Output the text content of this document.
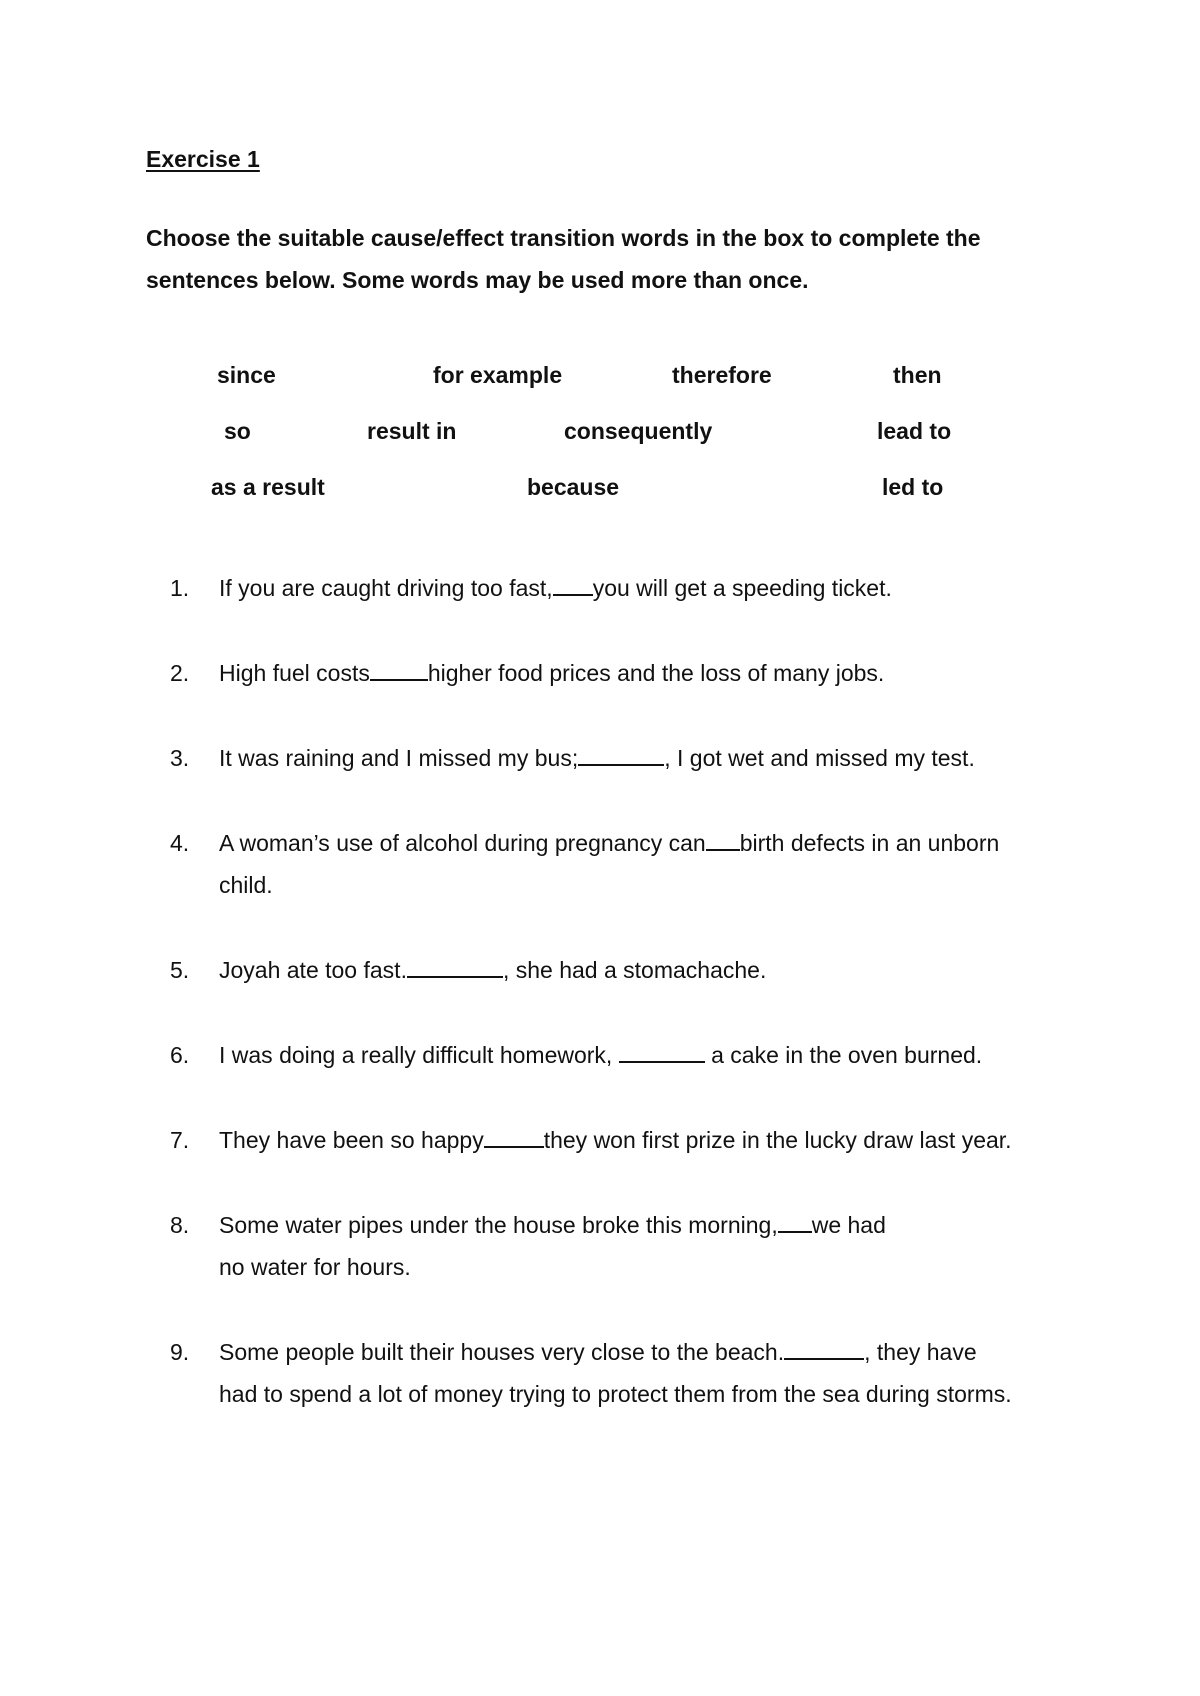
Exercise 1

Choose the suitable cause/effect transition words in the box to complete the sentences below. Some words may be used more than once.

since	for example	therefore	then
so	result in	consequently	lead to
as a result	because	led to
1.	If you are caught driving too fast, you will get a speeding ticket.
2.	High fuel costs	higher food prices and the loss of many jobs.
3.	It was raining and I missed my bus;	, I got wet and missed my test.
4.	A woman’s use of alcohol during pregnancy can birth defects in an unborn child.
5.	Joyah ate too fast.	, she had a stomachache.
6.	I was doing a really difficult homework,	a cake in the oven burned.
7.	They have been so happy	they won first prize in the lucky draw last year.
8.	Some water pipes under the house broke this morning, we had no water for hours.
9.	Some people built their houses very close to the beach.	, they have had to spend a lot of money trying to protect them from the sea during storms.
